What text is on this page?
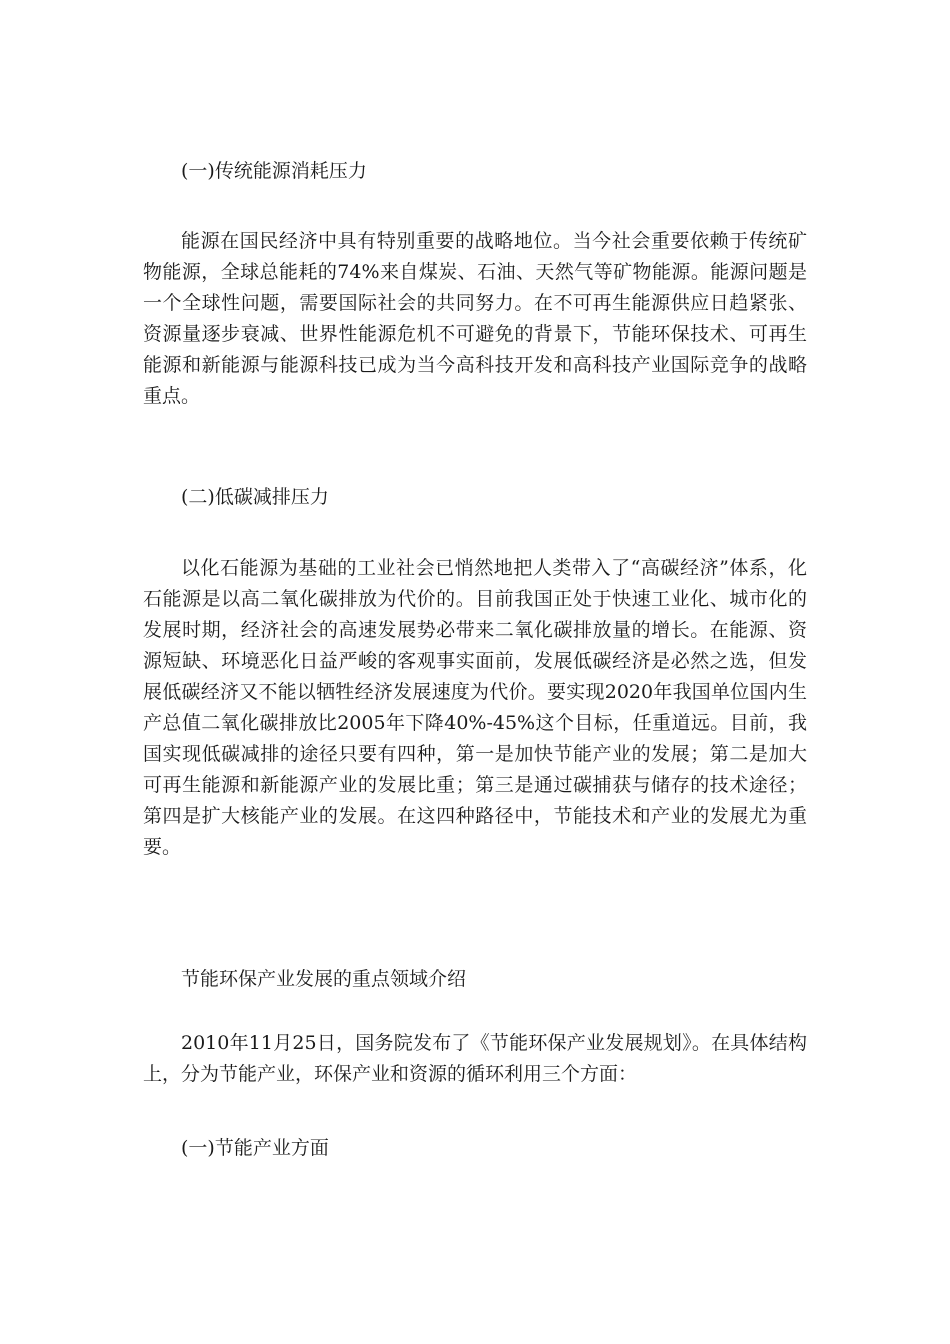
(一)传统能源消耗压力

能源在国民经济中具有特别重要的战略地位。当今社会重要依赖于传统矿物能源，全球总能耗的74%来自煤炭、石油、天然气等矿物能源。能源问题是一个全球性问题，需要国际社会的共同努力。在不可再生能源供应日趋紧张、资源量逐步衰减、世界性能源危机不可避免的背景下，节能环保技术、可再生能源和新能源与能源科技已成为当今高科技开发和高科技产业国际竞争的战略重点。

(二)低碳减排压力

以化石能源为基础的工业社会已悄然地把人类带入了“高碳经济”体系，化石能源是以高二氧化碳排放为代价的。目前我国正处于快速工业化、城市化的发展时期，经济社会的高速发展势必带来二氧化碳排放量的增长。在能源、资源短缺、环境恶化日益严峻的客观事实面前，发展低碳经济是必然之选，但发展低碳经济又不能以牺牲经济发展速度为代价。要实现2020年我国单位国内生产总值二氧化碳排放比2005年下降40%-45%这个目标，任重道远。目前，我国实现低碳减排的途径只要有四种，第一是加快节能产业的发展；第二是加大可再生能源和新能源产业的发展比重；第三是通过碳捕获与储存的技术途径；第四是扩大核能产业的发展。在这四种路径中，节能技术和产业的发展尤为重要。

节能环保产业发展的重点领域介绍

2010年11月25日，国务院发布了《节能环保产业发展规划》。在具体结构上，分为节能产业，环保产业和资源的循环利用三个方面：

(一)节能产业方面
